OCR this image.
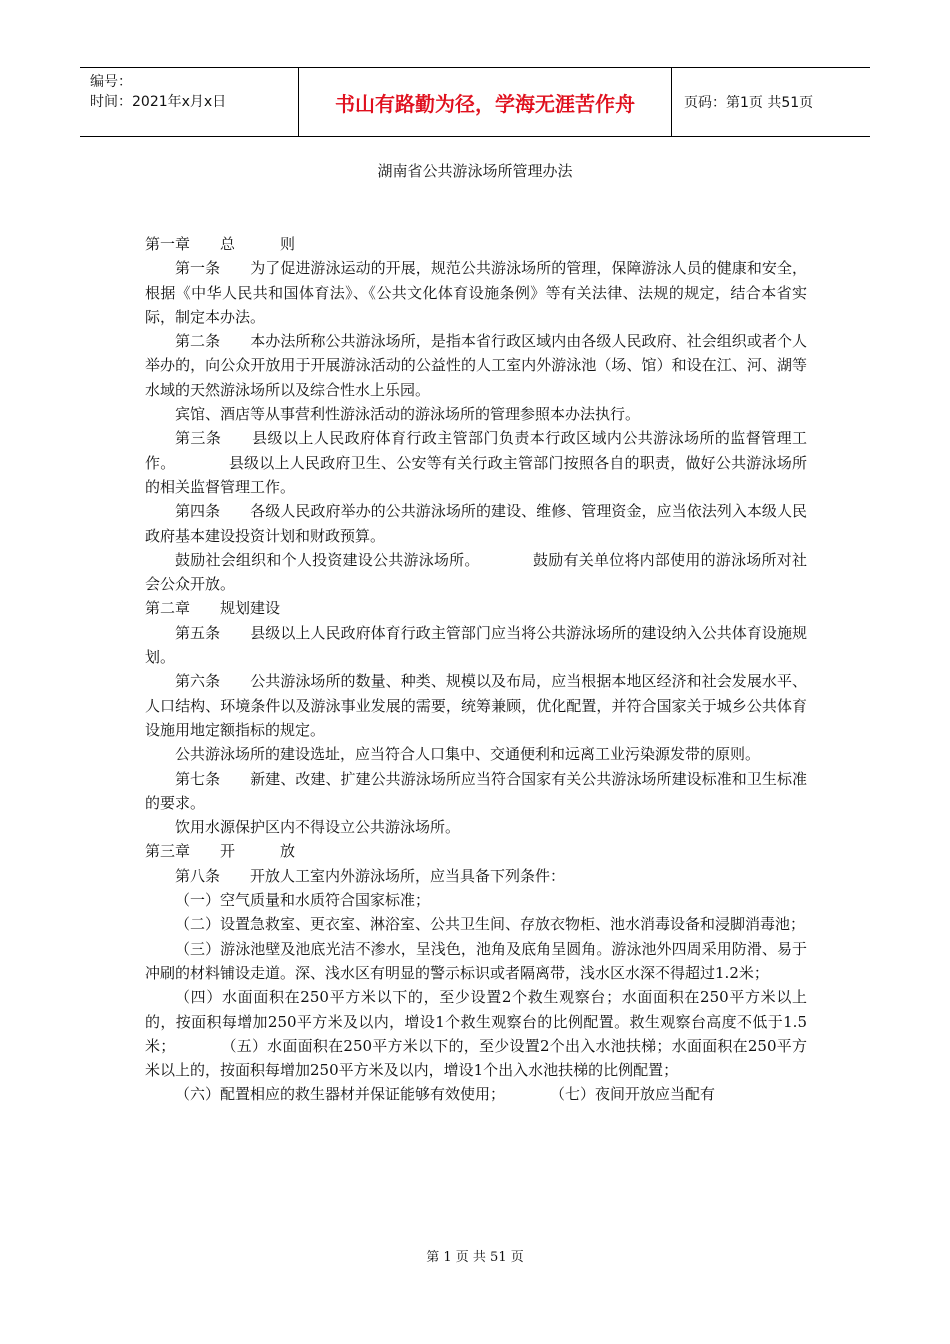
编号：
时间：2021年x月x日	书山有路勤为径，学海无涯苦作舟	页码：第1页 共51页
湖南省公共游泳场所管理办法

第一章　　总　　　则

第一条　　为了促进游泳运动的开展，规范公共游泳场所的管理，保障游泳人员的健康和安全，根据《中华人民共和国体育法》、《公共文化体育设施条例》等有关法律、法规的规定，结合本省实际，制定本办法。

第二条　　本办法所称公共游泳场所，是指本省行政区域内由各级人民政府、社会组织或者个人举办的，向公众开放用于开展游泳活动的公益性的人工室内外游泳池（场、馆）和设在江、河、湖等水域的天然游泳场所以及综合性水上乐园。

宾馆、酒店等从事营利性游泳活动的游泳场所的管理参照本办法执行。

第三条　　县级以上人民政府体育行政主管部门负责本行政区域内公共游泳场所的监督管理工作。　　　　县级以上人民政府卫生、公安等有关行政主管部门按照各自的职责，做好公共游泳场所的相关监督管理工作。

第四条　　各级人民政府举办的公共游泳场所的建设、维修、管理资金，应当依法列入本级人民政府基本建设投资计划和财政预算。

鼓励社会组织和个人投资建设公共游泳场所。　　　　鼓励有关单位将内部使用的游泳场所对社会公众开放。

第二章　　规划建设

第五条　　县级以上人民政府体育行政主管部门应当将公共游泳场所的建设纳入公共体育设施规划。

第六条　　公共游泳场所的数量、种类、规模以及布局，应当根据本地区经济和社会发展水平、人口结构、环境条件以及游泳事业发展的需要，统筹兼顾，优化配置，并符合国家关于城乡公共体育设施用地定额指标的规定。

公共游泳场所的建设选址，应当符合人口集中、交通便利和远离工业污染源发带的原则。

第七条　　新建、改建、扩建公共游泳场所应当符合国家有关公共游泳场所建设标准和卫生标准的要求。

饮用水源保护区内不得设立公共游泳场所。

第三章　　开　　　放

第八条　　开放人工室内外游泳场所，应当具备下列条件：

（一）空气质量和水质符合国家标准；

（二）设置急救室、更衣室、淋浴室、公共卫生间、存放衣物柜、池水消毒设备和浸脚消毒池；

（三）游泳池壁及池底光洁不渗水，呈浅色，池角及底角呈圆角。游泳池外四周采用防滑、易于冲刷的材料铺设走道。深、浅水区有明显的警示标识或者隔离带，浅水区水深不得超过1.2米；

（四）水面面积在250平方米以下的，至少设置2个救生观察台；水面面积在250平方米以上的，按面积每增加250平方米及以内，增设1个救生观察台的比例配置。救生观察台高度不低于1.5米；　　　　（五）水面面积在250平方米以下的，至少设置2个出入水池扶梯；水面面积在250平方米以上的，按面积每增加250平方米及以内，增设1个出入水池扶梯的比例配置；

（六）配置相应的救生器材并保证能够有效使用；　　　　（七）夜间开放应当配有

第 1 页 共 51 页
